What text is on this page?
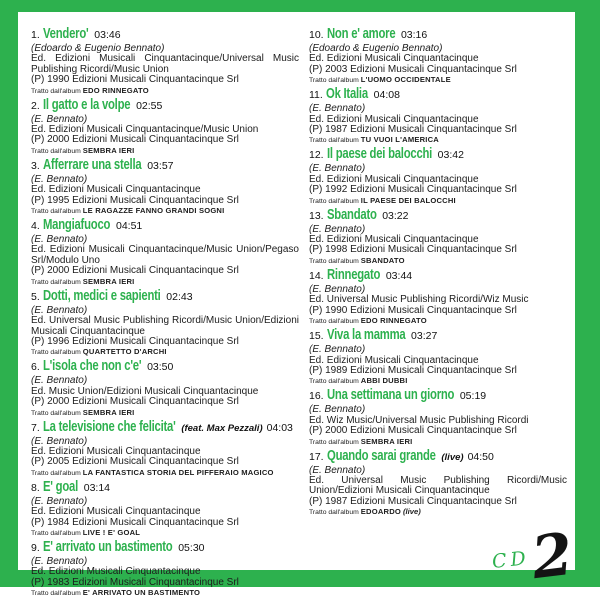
1. Vendero' 03:46
(Edoardo & Eugenio Bennato)
Ed. Edizioni Musicali Cinquantacinque/Universal Music Publishing Ricordi/Music Union
(P) 1990 Edizioni Musicali Cinquantacinque Srl
Tratto dall'album EDO RINNEGATO
2. Il gatto e la volpe 02:55
(E. Bennato)
Ed. Edizioni Musicali Cinquantacinque/Music Union
(P) 2000 Edizioni Musicali Cinquantacinque Srl
Tratto dall'album SEMBRA IERI
3. Afferrare una stella 03:57
(E. Bennato)
Ed. Edizioni Musicali Cinquantacinque
(P) 1995 Edizioni Musicali Cinquantacinque Srl
Tratto dall'album LE RAGAZZE FANNO GRANDI SOGNI
4. Mangiafuoco 04:51
(E. Bennato)
Ed. Edizioni Musicali Cinquantacinque/Music Union/Pegaso Srl/Modulo Uno
(P) 2000 Edizioni Musicali Cinquantacinque Srl
Tratto dall'album SEMBRA IERI
5. Dotti, medici e sapienti 02:43
(E. Bennato)
Ed. Universal Music Publishing Ricordi/Music Union/Edizioni Musicali Cinquantacinque
(P) 1996 Edizioni Musicali Cinquantacinque Srl
Tratto dall'album QUARTETTO D'ARCHI
6. L'isola che non c'e' 03:50
(E. Bennato)
Ed. Music Union/Edizioni Musicali Cinquantacinque
(P) 2000 Edizioni Musicali Cinquantacinque Srl
Tratto dall'album SEMBRA IERI
7. La televisione che felicita' (feat. Max Pezzali) 04:03
(E. Bennato)
Ed. Edizioni Musicali Cinquantacinque
(P) 2005 Edizioni Musicali Cinquantacinque Srl
Tratto dall'album LA FANTASTICA STORIA DEL PIFFERAIO MAGICO
8. E' goal 03:14
(E. Bennato)
Ed. Edizioni Musicali Cinquantacinque
(P) 1984 Edizioni Musicali Cinquantacinque Srl
Tratto dall'album LIVE ! E' GOAL
9. E' arrivato un bastimento 05:30
(E. Bennato)
Ed. Edizioni Musicali Cinquantacinque
(P) 1983 Edizioni Musicali Cinquantacinque Srl
Tratto dall'album E' ARRIVATO UN BASTIMENTO
10. Non e' amore 03:16
(Edoardo & Eugenio Bennato)
Ed. Edizioni Musicali Cinquantacinque
(P) 2003 Edizioni Musicali Cinquantacinque Srl
Tratto dall'album L'UOMO OCCIDENTALE
11. Ok Italia 04:08
(E. Bennato)
Ed. Edizioni Musicali Cinquantacinque
(P) 1987 Edizioni Musicali Cinquantacinque Srl
Tratto dall'album TU VUOI L'AMERICA
12. Il paese dei balocchi 03:42
(E. Bennato)
Ed. Edizioni Musicali Cinquantacinque
(P) 1992 Edizioni Musicali Cinquantacinque Srl
Tratto dall'album IL PAESE DEI BALOCCHI
13. Sbandato 03:22
(E. Bennato)
Ed. Edizioni Musicali Cinquantacinque
(P) 1998 Edizioni Musicali Cinquantacinque Srl
Tratto dall'album SBANDATO
14. Rinnegato 03:44
(E. Bennato)
Ed. Universal Music Publishing Ricordi/Wiz Music
(P) 1990 Edizioni Musicali Cinquantacinque Srl
Tratto dall'album EDO RINNEGATO
15. Viva la mamma 03:27
(E. Bennato)
Ed. Edizioni Musicali Cinquantacinque
(P) 1989 Edizioni Musicali Cinquantacinque Srl
Tratto dall'album ABBI DUBBI
16. Una settimana un giorno 05:19
(E. Bennato)
Ed. Wiz Music/Universal Music Publishing Ricordi
(P) 2000 Edizioni Musicali Cinquantacinque Srl
Tratto dall'album SEMBRA IERI
17. Quando sarai grande (live) 04:50
(E. Bennato)
Ed. Universal Music Publishing Ricordi/Music Union/Edizioni Musicali Cinquantacinque
(P) 1987 Edizioni Musicali Cinquantacinque Srl
Tratto dall'album EDOARDO (live)
CD
2
